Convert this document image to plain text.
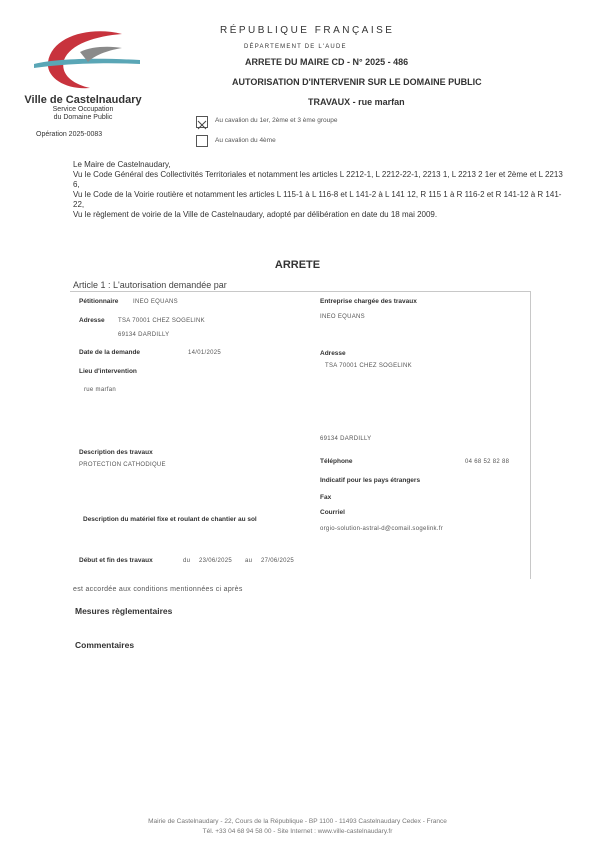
Ville de Castelnaudary
Service Occupation
du Domaine Public
Opération 2025-0083
RÉPUBLIQUE FRANÇAISE
DÉPARTEMENT DE L'AUDE
ARRETE DU MAIRE CD - N° 2025 - 486
AUTORISATION D'INTERVENIR SUR LE DOMAINE PUBLIC
TRAVAUX - rue marfan
Au cavalion du 1er, 2ème et 3 ème groupe
Au cavalion du 4ème

Le Maire de Castelnaudary,

Vu le Code Général des Collectivités Territoriales et notamment les articles L 2212-1, L 2212-22-1, 2213 1, L 2213 2 1er et 2ème et L 2213 6,

Vu le Code de la Voirie routière et notamment les articles L 115-1 à L 116-8 et L 141-2 à L 141 12, R 115 1 à R 116-2 et R 141-12 à R 141-22,

Vu le règlement de voirie de la Ville de Castelnaudary, adopté par délibération en date du 18 mai 2009.

ARRETE
Article 1 : L'autorisation demandée par
Pétitionnaire INEO EQUANS
Adresse TSA 70001 CHEZ SOGELINK
69134 DARDILLY
Date de la demande	14/01/2025
Lieu d'intervention
rue marfan
Description des travaux
PROTECTION CATHODIQUE
Description du matériel fixe et roulant de chantier au sol
Début et fin des travaux	du 23/06/2025 au 27/06/2025
Entreprise chargée des travaux
INEO EQUANS
Adresse
TSA 70001 CHEZ SOGELINK
69134 DARDILLY
Téléphone	04 68 52 82 88
Indicatif pour les pays étrangers
Fax
Courriel
orgio-solution-astral-d@comail.sogelink.fr
est accordée aux conditions mentionnées ci après
Mesures règlementaires
Commentaires
Mairie de Castelnaudary - 22, Cours de la République - BP 1100 - 11493 Castelnaudary Cedex - France
Tél. +33 04 68 94 58 00 - Site Internet : www.ville-castelnaudary.fr
